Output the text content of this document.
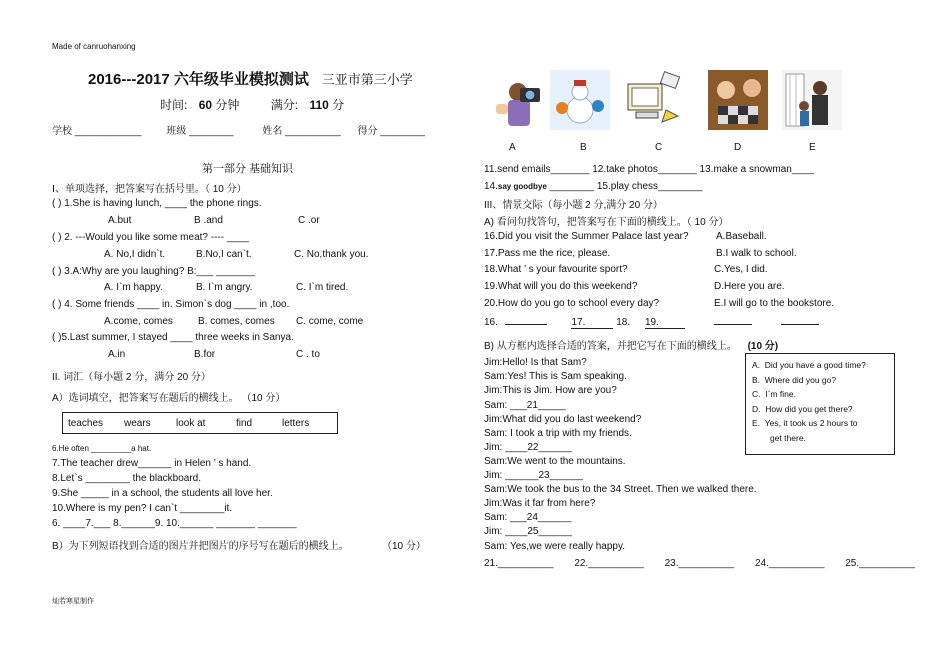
Made of canruohanxing
2016---2017 六年级毕业模拟测试 三亚市第三小学
时间: 60 分钟	满分: 110 分
学校 ____________ 班级 ________	姓名 __________ 得分 ________
第一部分 基础知识
Ⅰ、单项选择，把答案写在括号里。（ 10 分）
( ) 1.She is having lunch, ____ the phone rings.
A.but	B .and	C .or
( ) 2. ---Would you like some meat? ---- ____
A. No,I didn`t.	B.No,I can`t.	C. No,thank you.
( ) 3.A:Why are you laughing? B:___ _______
A. I`m happy.	B. I`m angry.	C. I`m tired.
( ) 4. Some friends ____ in. Simon`s dog ____ in ,too.
A.come, comes	B. comes, comes C. come, come
( )5.Last summer, I stayed ____ three weeks in Sanya.
A.in	B.for	C . to
II. 词汇（每小题 2 分，满分 20 分）
A）选词填空，把答案写在题后的横线上。 （10 分）
teaches	wears	look at	find	letters
6.He often _________a hat.
7.The teacher drew______ in Helen ’ s hand.
8.Let`s ________ the blackboard.
9.She _____ in a school, the students all love her.
10.Where is my pen? I can`t ________it.
6. ____7.___ 8.______9. 10.______ _______ _______
B）为下列短语找到合适的图片并把图片的序号写在题后的横线上。	（10 分）
A	B	C	D	E
11.send emails_______ 12.take photos_______ 13.make a snowman____
14.say goodbye ________ 15.play chess________
III、情景交际（每小题 2 分,满分 20 分）
A) 看问句找答句，把答案写在下面的横线上。（ 10 分）
16.Did you visit the Summer Palace last year?	A.Baseball.
17.Pass me the rice, please.	B.I walk to school.
18.What ’ s your favourite sport?	C.Yes, I did.
19.What will you do this weekend?	D.Here you are.
20.How do you go to school every day?	E.I will go to the bookstore.
16.	17.	18. 19.
B) 从方框内选择合适的答案，并把它写在下面的横线上。 (10 分)
Jim:Hello! Is that Sam?
Sam:Yes! This is Sam speaking.
Jim:This is Jim. How are you?
Sam: ___21_____
Jim:What did you do last weekend?
Sam: I took a trip with my friends.
Jim: ____22______
Sam:We went to the mountains.
Jim: ______23______
Sam:We took the bus to the 34 Street. Then we walked there.
Jim:Was it far from here?
Sam: ___24______
Jim: ____25______
Sam: Yes,we were really happy.
A. Did you have a good time?
B. Where did you go?
C. I`m fine.
D. How did you get there?
E. Yes, it took us 2 hours to
get there.
21.__________ 22.__________ 23.__________ 24.__________ 25.__________
灿若寒星制作
